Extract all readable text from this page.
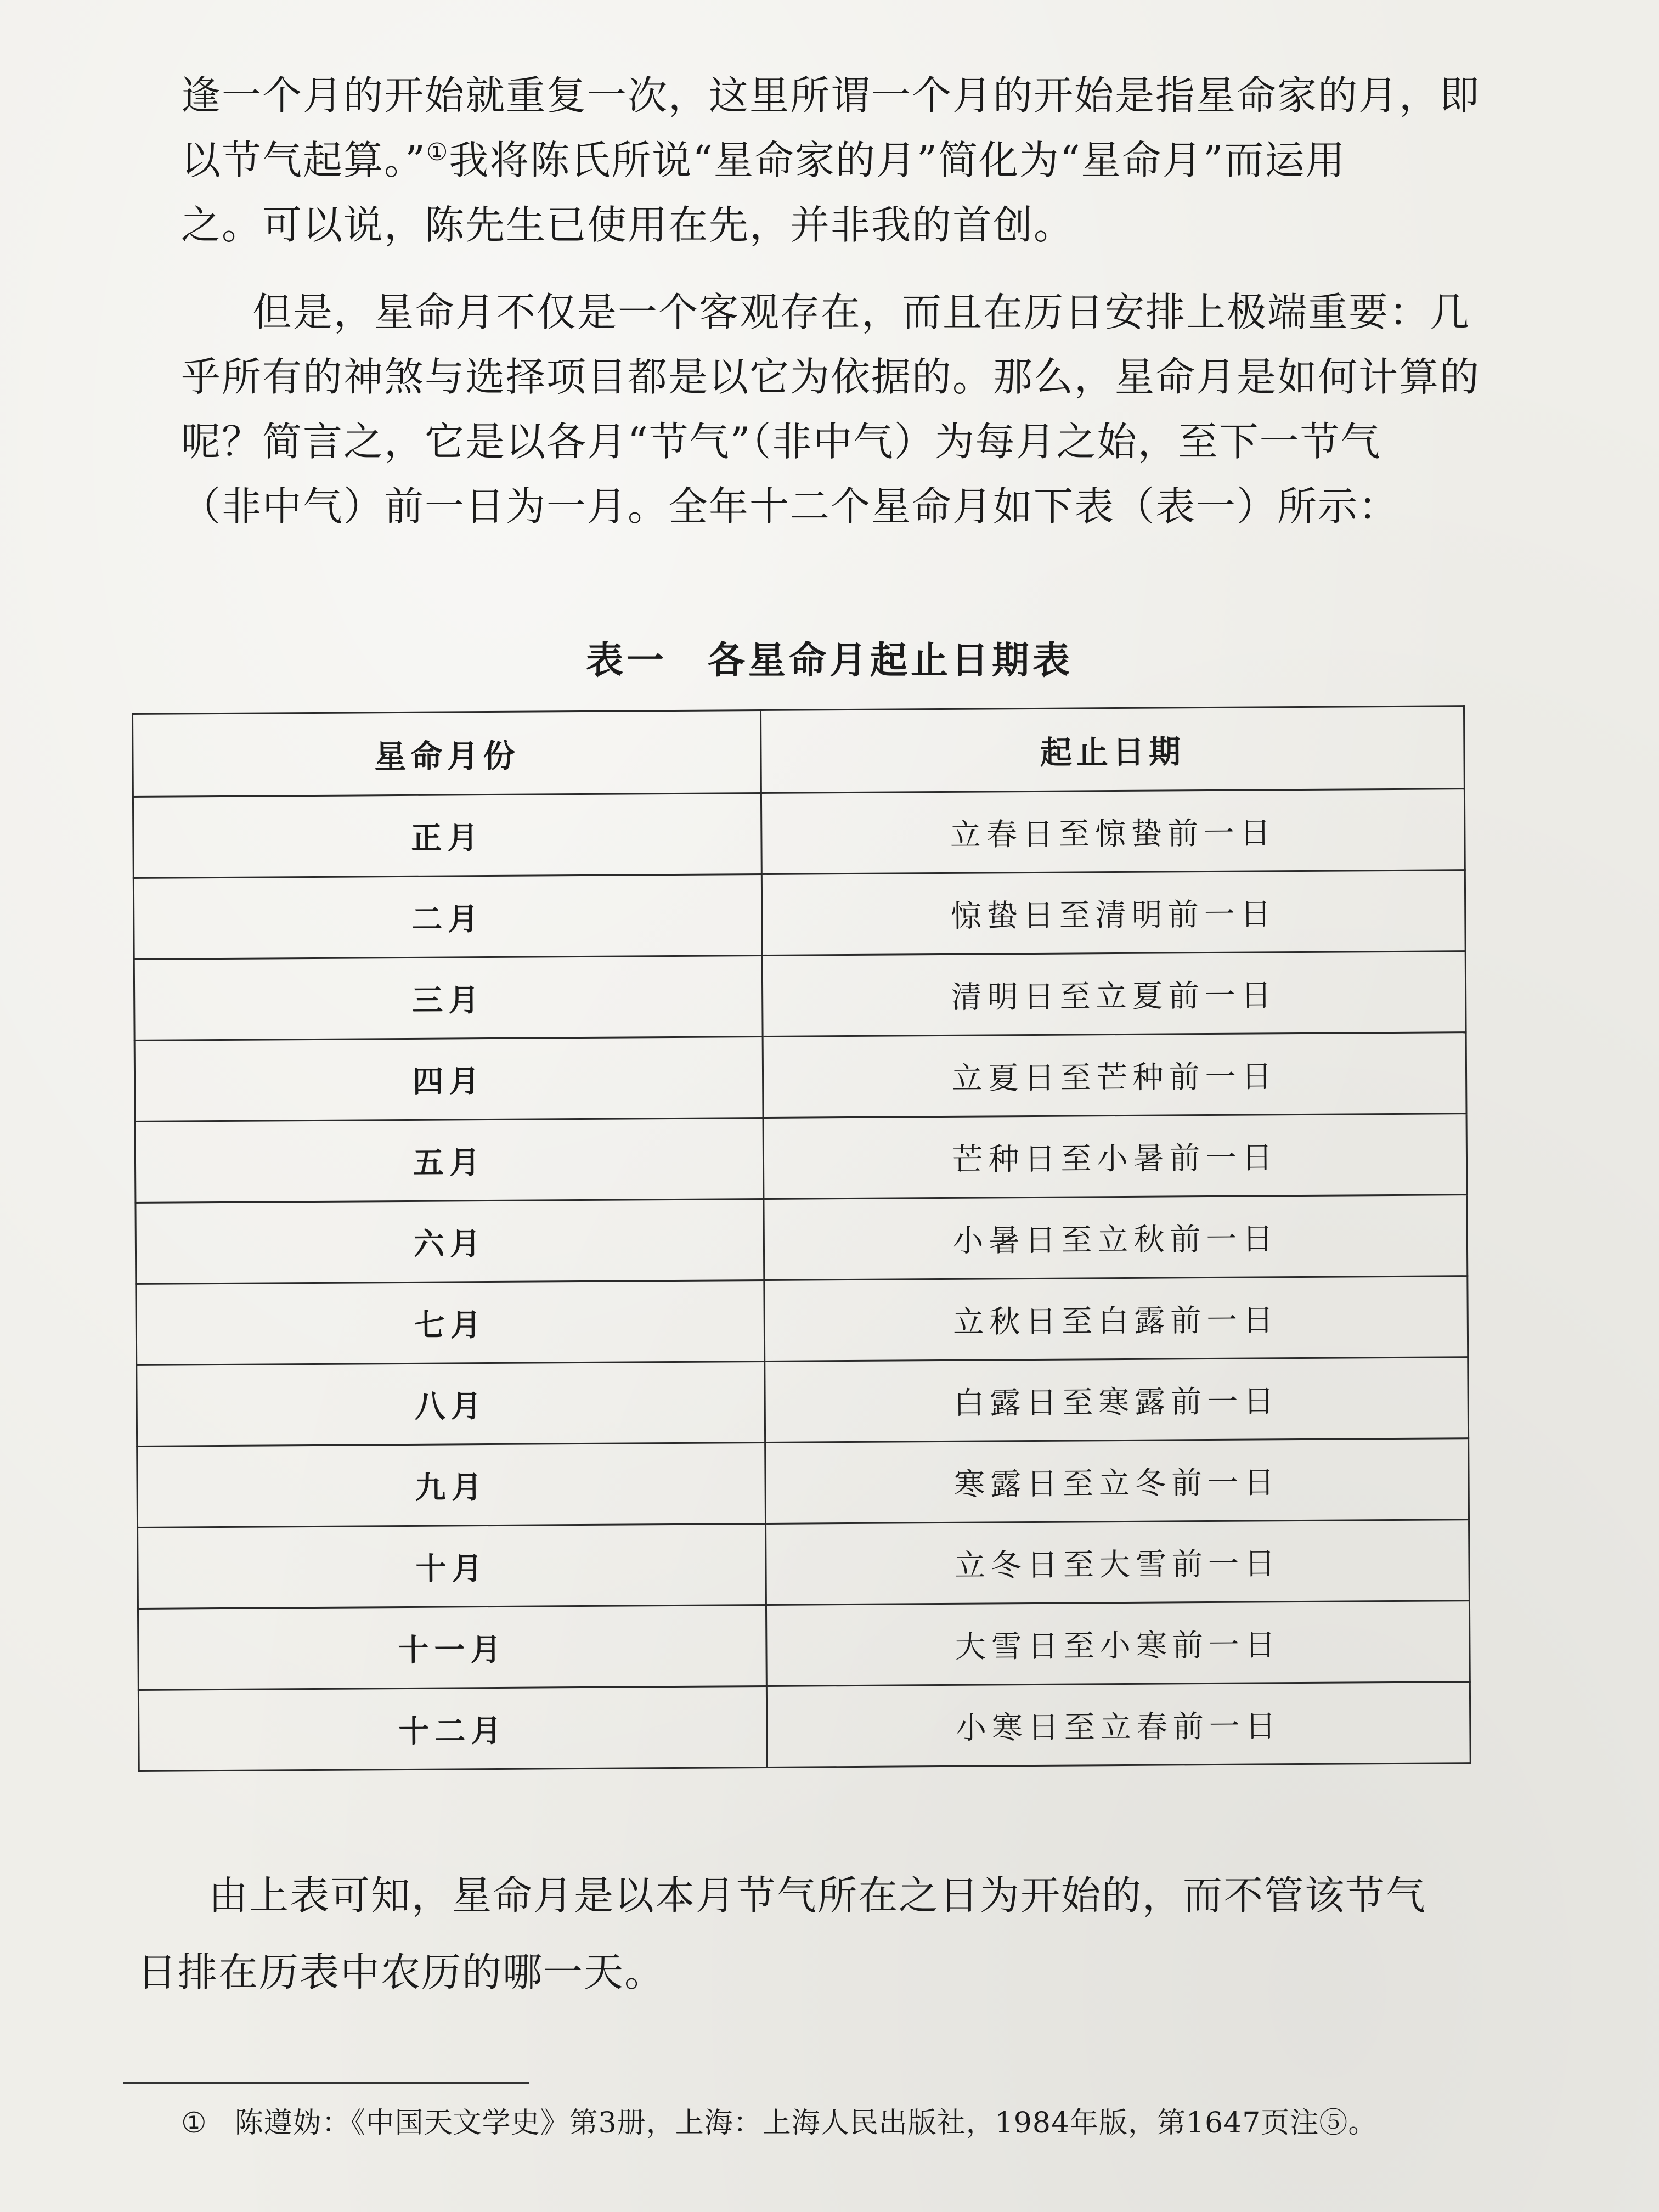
逢一个月的开始就重复一次，这里所谓一个月的开始是指星命家的月，即
以节气起算。”①我将陈氏所说“星命家的月”简化为“星命月”而运用
之。可以说，陈先生已使用在先，并非我的首创。
但是，星命月不仅是一个客观存在，而且在历日安排上极端重要：几
乎所有的神煞与选择项目都是以它为依据的。那么，星命月是如何计算的
呢？简言之，它是以各月“节气”（非中气）为每月之始，至下一节气
（非中气）前一日为一月。全年十二个星命月如下表（表一）所示：
表一　各星命月起止日期表
星命月份	起止日期
正月	立春日至惊蛰前一日
二月	惊蛰日至清明前一日
三月	清明日至立夏前一日
四月	立夏日至芒种前一日
五月	芒种日至小暑前一日
六月	小暑日至立秋前一日
七月	立秋日至白露前一日
八月	白露日至寒露前一日
九月	寒露日至立冬前一日
十月	立冬日至大雪前一日
十一月	大雪日至小寒前一日
十二月	小寒日至立春前一日
由上表可知，星命月是以本月节气所在之日为开始的，而不管该节气
日排在历表中农历的哪一天。
① 陈遵妫：《中国天文学史》第3册，上海：上海人民出版社，1984年版，第1647页注⑤。
